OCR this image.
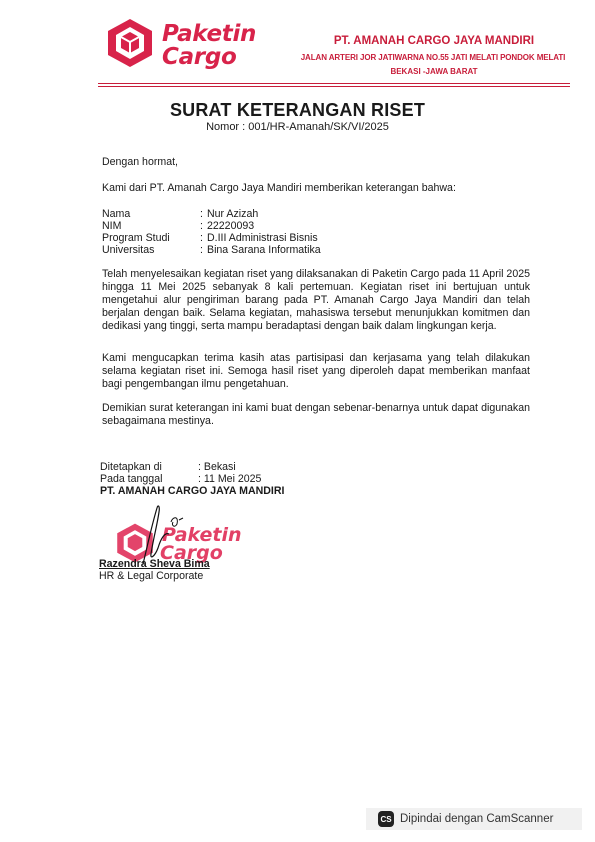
Paketin
Cargo
PT. AMANAH CARGO JAYA MANDIRI
JALAN ARTERI JOR JATIWARNA NO.55 JATI MELATI PONDOK MELATI
BEKASI -JAWA BARAT
SURAT KETERANGAN RISET
Nomor : 001/HR-Amanah/SK/VI/2025
Dengan hormat,
Kami dari PT. Amanah Cargo Jaya Mandiri memberikan keterangan bahwa:
Nama	: Nur Azizah
NIM	: 22220093
Program Studi	: D.III Administrasi Bisnis
Universitas	: Bina Sarana Informatika
Telah menyelesaikan kegiatan riset yang dilaksanakan di Paketin Cargo pada 11 April 2025 hingga 11 Mei 2025 sebanyak 8 kali pertemuan. Kegiatan riset ini bertujuan untuk mengetahui alur pengiriman barang pada PT. Amanah Cargo Jaya Mandiri dan telah berjalan dengan baik. Selama kegiatan, mahasiswa tersebut menunjukkan komitmen dan dedikasi yang tinggi, serta mampu beradaptasi dengan baik dalam lingkungan kerja.
Kami mengucapkan terima kasih atas partisipasi dan kerjasama yang telah dilakukan selama kegiatan riset ini. Semoga hasil riset yang diperoleh dapat memberikan manfaat bagi pengembangan ilmu pengetahuan.
Demikian surat keterangan ini kami buat dengan sebenar-benarnya untuk dapat digunakan sebagaimana mestinya.
Ditetapkan di	: Bekasi
Pada tanggal	: 11 Mei 2025
PT. AMANAH CARGO JAYA MANDIRI
Paketin
Cargo
Razendra Sheva Bima
HR & Legal Corporate
CS Dipindai dengan CamScanner
